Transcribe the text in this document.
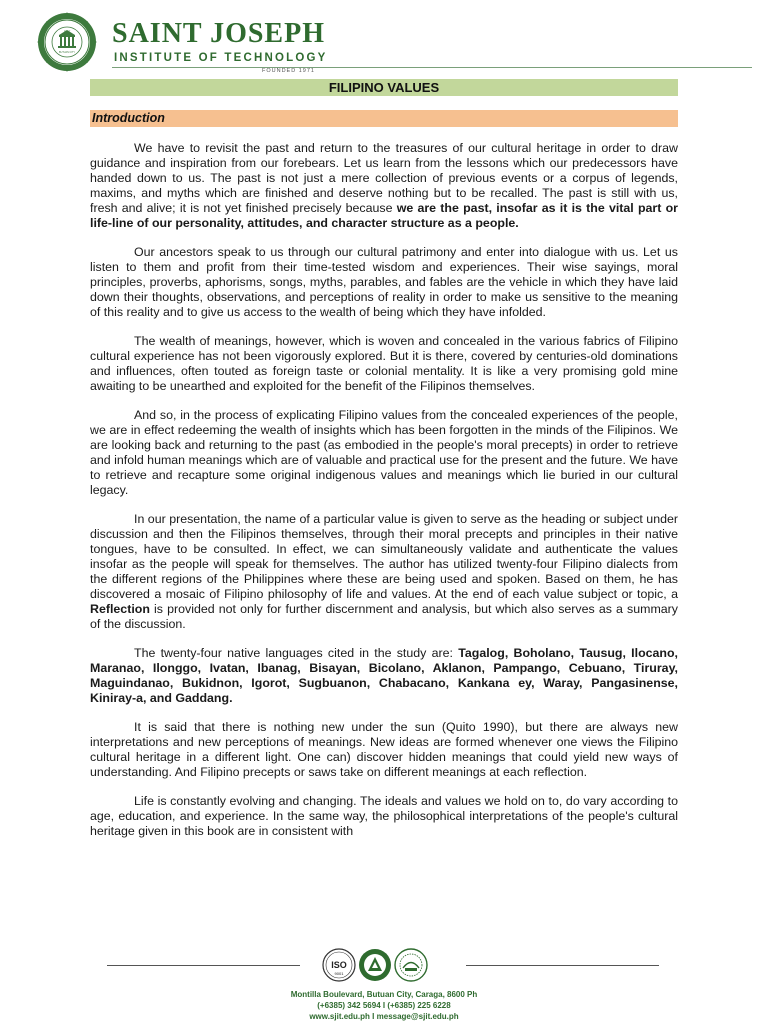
BUTUAN CITY
SAINT JOSEPH
INSTITUTE OF TECHNOLOGY
FOUNDED 1971
FILIPINO VALUES
Introduction

We have to revisit the past and return to the treasures of our cultural heritage in order to draw guidance and inspiration from our forebears. Let us learn from the lessons which our predecessors have handed down to us. The past is not just a mere collection of previous events or a corpus of legends, maxims, and myths which are finished and deserve nothing but to be recalled. The past is still with us, fresh and alive; it is not yet finished precisely because we are the past, insofar as it is the vital part or life-line of our personality, attitudes, and character structure as a people.

Our ancestors speak to us through our cultural patrimony and enter into dialogue with us. Let us listen to them and profit from their time-tested wisdom and experiences. Their wise sayings, moral principles, proverbs, aphorisms, songs, myths, parables, and fables are the vehicle in which they have laid down their thoughts, observations, and perceptions of reality in order to make us sensitive to the meaning of this reality and to give us access to the wealth of being which they have infolded.

The wealth of meanings, however, which is woven and concealed in the various fabrics of Filipino cultural experience has not been vigorously explored. But it is there, covered by centuries-old dominations and influences, often touted as foreign taste or colonial mentality. It is like a very promising gold mine awaiting to be unearthed and exploited for the benefit of the Filipinos themselves.

And so, in the process of explicating Filipino values from the concealed experiences of the people, we are in effect redeeming the wealth of insights which has been forgotten in the minds of the Filipinos. We are looking back and returning to the past (as embodied in the people's moral precepts) in order to retrieve and infold human meanings which are of valuable and practical use for the present and the future. We have to retrieve and recapture some original indigenous values and meanings which lie buried in our cultural legacy.

In our presentation, the name of a particular value is given to serve as the heading or subject under discussion and then the Filipinos themselves, through their moral precepts and principles in their native tongues, have to be consulted. In effect, we can simultaneously validate and authenticate the values insofar as the people will speak for themselves. The author has utilized twenty-four Filipino dialects from the different regions of the Philippines where these are being used and spoken. Based on them, he has discovered a mosaic of Filipino philosophy of life and values. At the end of each value subject or topic, a Reflection is provided not only for further discernment and analysis, but which also serves as a summary of the discussion.

The twenty-four native languages cited in the study are: Tagalog, Boholano, Tausug, Ilocano, Maranao, Ilonggo, Ivatan, Ibanag, Bisayan, Bicolano, Aklanon, Pampango, Cebuano, Tiruray, Maguindanao, Bukidnon, Igorot, Sugbuanon, Chabacano, Kankana ey, Waray, Pangasinense, Kiniray-a, and Gaddang.

It is said that there is nothing new under the sun (Quito 1990), but there are always new interpretations and new perceptions of meanings. New ideas are formed whenever one views the Filipino cultural heritage in a different light. One can) discover hidden meanings that could yield new ways of understanding. And Filipino precepts or saws take on different meanings at each reflection.

Life is constantly evolving and changing. The ideals and values we hold on to, do vary according to age, education, and experience. In the same way, the philosophical interpretations of the people's cultural heritage given in this book are in consistent with

ISO
9001
Montilla Boulevard, Butuan City, Caraga, 8600 Ph
(+6385) 342 5694 I (+6385) 225 6228
www.sjit.edu.ph I message@sjit.edu.ph
